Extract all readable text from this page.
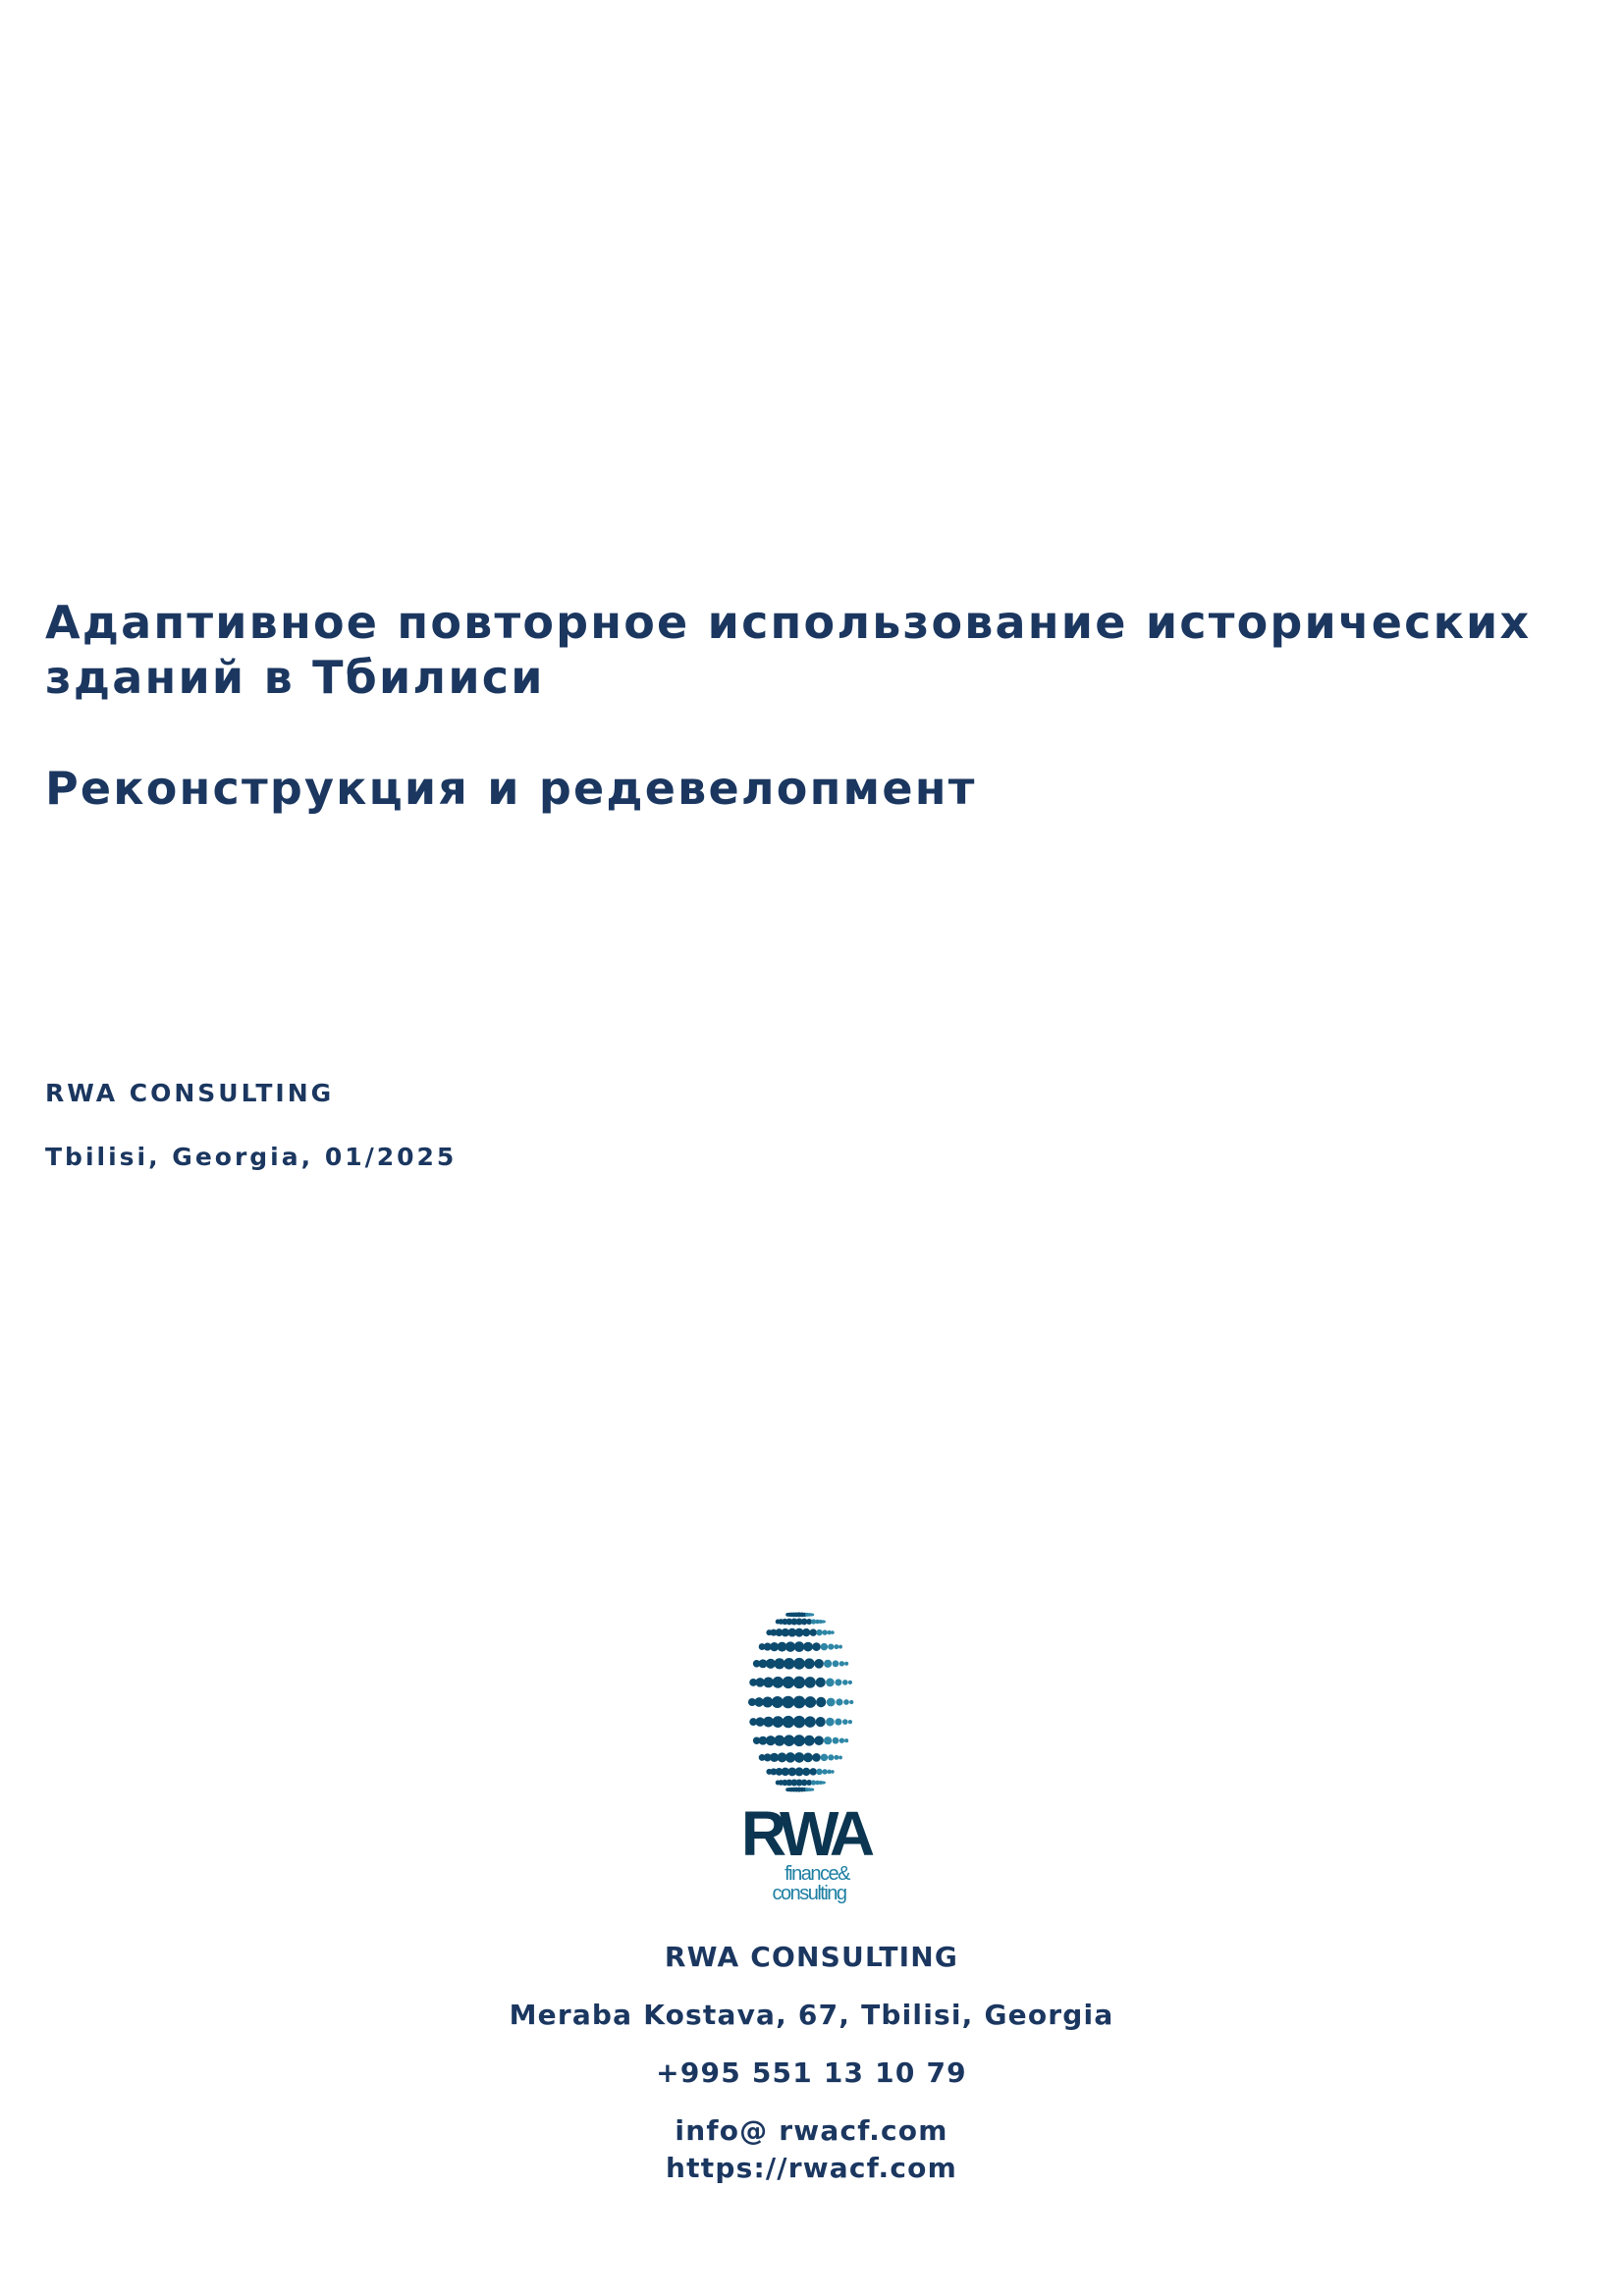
Адаптивное повторное использование исторических

зданий в Тбилиси

Реконструкция и редевелопмент

RWA CONSULTING

Tbilisi, Georgia, 01/2025

RWA
finance&
consulting

RWA CONSULTING

Meraba Kostava, 67, Tbilisi, Georgia

+995 551 13 10 79

info@ rwacf.com

https://rwacf.com
